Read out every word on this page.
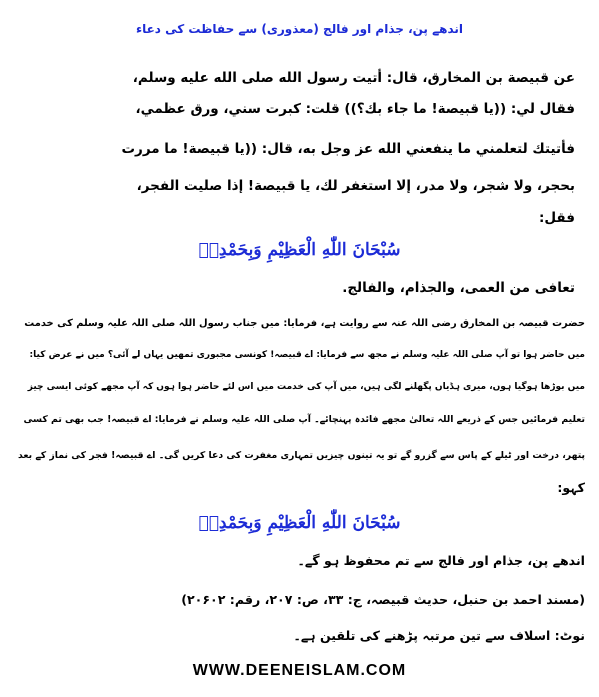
اندھے پن، جذام اور فالج (معذوری) سے حفاظت کی دعاء
عن قبيصة بن المخارق، قال: أتيت رسول الله صلى الله عليه وسلم،
فقال لي: ((يا قبيصة! ما جاء بك؟)) قلت: كبرت سني، ورق عظمي،
فأتيتك لتعلمني ما ينفعني الله عز وجل به، قال: ((يا قبيصة! ما مررت
بحجر، ولا شجر، ولا مدر، إلا استغفر لك، يا قبيصة! إذا صليت الفجر،
فقل:
سُبْحَانَ اللّٰهِ الْعَظِيْمِ وَبِحَمْدِهٖ
تعافى من العمى، والجذام، والفالج.
حضرت قبیصہ بن المخارق رضی اللہ عنہ سے روایت ہے، فرمایا: میں جناب رسول اللہ صلی اللہ علیہ وسلم کی خدمت
میں حاضر ہوا تو آپ صلی اللہ علیہ وسلم نے مجھ سے فرمایا: اے قبیصہ! کونسی مجبوری تمھیں یہاں لے آئی؟ میں نے عرض کیا:
میں بوڑھا ہوگیا ہوں، میری ہڈیاں پگھلنے لگی ہیں، میں آپ کی خدمت میں اس لئے حاضر ہوا ہوں کہ آپ مجھے کوئی ایسی چیز
تعلیم فرمائیں جس کے ذریعے اللہ تعالیٰ مجھے فائدہ پہنچائے۔ آپ صلی اللہ علیہ وسلم نے فرمایا: اے قبیصہ! جب بھی تم کسی
پتھر، درخت اور ٹیلے کے پاس سے گزرو گے تو یہ تینوں چیزیں تمہاری مغفرت کی دعا کریں گی۔ اے قبیصہ! فجر کی نماز کے بعد
کہو:
سُبْحَانَ اللّٰهِ الْعَظِيْمِ وَبِحَمْدِهٖ
اندھے پن، جذام اور فالج سے تم محفوظ ہو گے۔
(مسند احمد بن حنبل، حدیث قبیصہ، ج: ۳۳، ص: ۲۰۷، رقم: ۲۰۶۰۲)
نوٹ: اسلاف سے تین مرتبہ پڑھنے کی تلقین ہے۔
WWW.DEENEISLAM.COM
